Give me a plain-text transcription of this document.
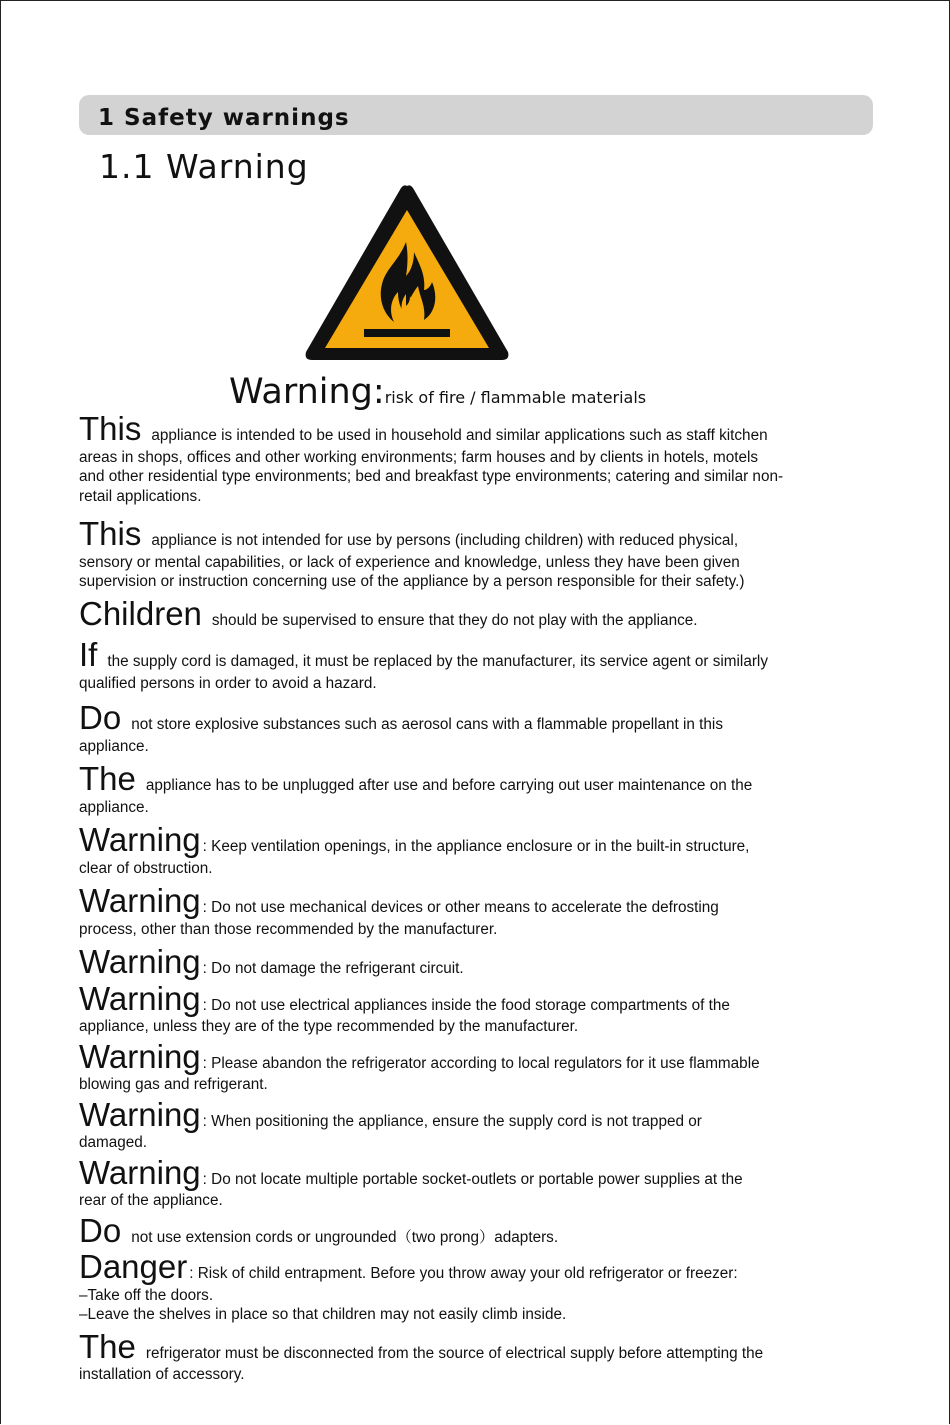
1 Safety warnings
1.1 Warning
Warning:risk of fire / flammable materials

This appliance is intended to be used in household and similar applications such as staff kitchen
areas in shops, offices and other working environments; farm houses and by clients in hotels, motels
and other residential type environments; bed and breakfast type environments; catering and similar non-
retail applications.

This appliance is not intended for use by persons (including children) with reduced physical,
sensory or mental capabilities, or lack of experience and knowledge, unless they have been given
supervision or instruction concerning use of the appliance by a person responsible for their safety.)

Children should be supervised to ensure that they do not play with the appliance.

If the supply cord is damaged, it must be replaced by the manufacturer, its service agent or similarly
qualified persons in order to avoid a hazard.

Do not store explosive substances such as aerosol cans with a flammable propellant in this
appliance.

The appliance has to be unplugged after use and before carrying out user maintenance on the
appliance.

Warning : Keep ventilation openings, in the appliance enclosure or in the built-in structure,
clear of obstruction.

Warning : Do not use mechanical devices or other means to accelerate the defrosting
process, other than those recommended by the manufacturer.

Warning : Do not damage the refrigerant circuit.

Warning : Do not use electrical appliances inside the food storage compartments of the
appliance, unless they are of the type recommended by the manufacturer.

Warning : Please abandon the refrigerator according to local regulators for it use flammable
blowing gas and refrigerant.

Warning : When positioning the appliance, ensure the supply cord is not trapped or
damaged.

Warning : Do not locate multiple portable socket-outlets or portable power supplies at the
rear of the appliance.

Do not use extension cords or ungrounded（two prong）adapters.

Danger : Risk of child entrapment. Before you throw away your old refrigerator or freezer:
–Take off the doors.
–Leave the shelves in place so that children may not easily climb inside.

The refrigerator must be disconnected from the source of electrical supply before attempting the
installation of accessory.
